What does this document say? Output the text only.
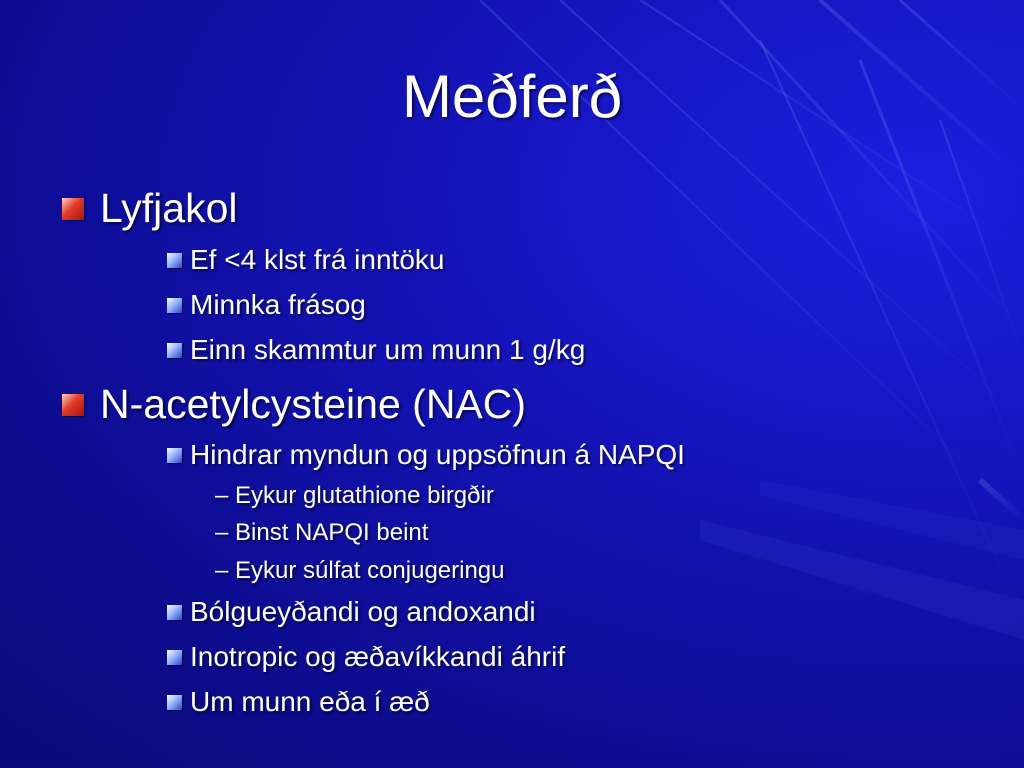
Meðferð
Lyfjakol
Ef <4 klst frá inntöku
Minnka frásog
Einn skammtur um munn 1 g/kg
N-acetylcysteine (NAC)
Hindrar myndun og uppsöfnun á NAPQI
– Eykur glutathione birgðir
– Binst NAPQI beint
– Eykur súlfat conjugeringu
Bólgueyðandi og andoxandi
Inotropic og æðavíkkandi áhrif
Um munn eða í æð
